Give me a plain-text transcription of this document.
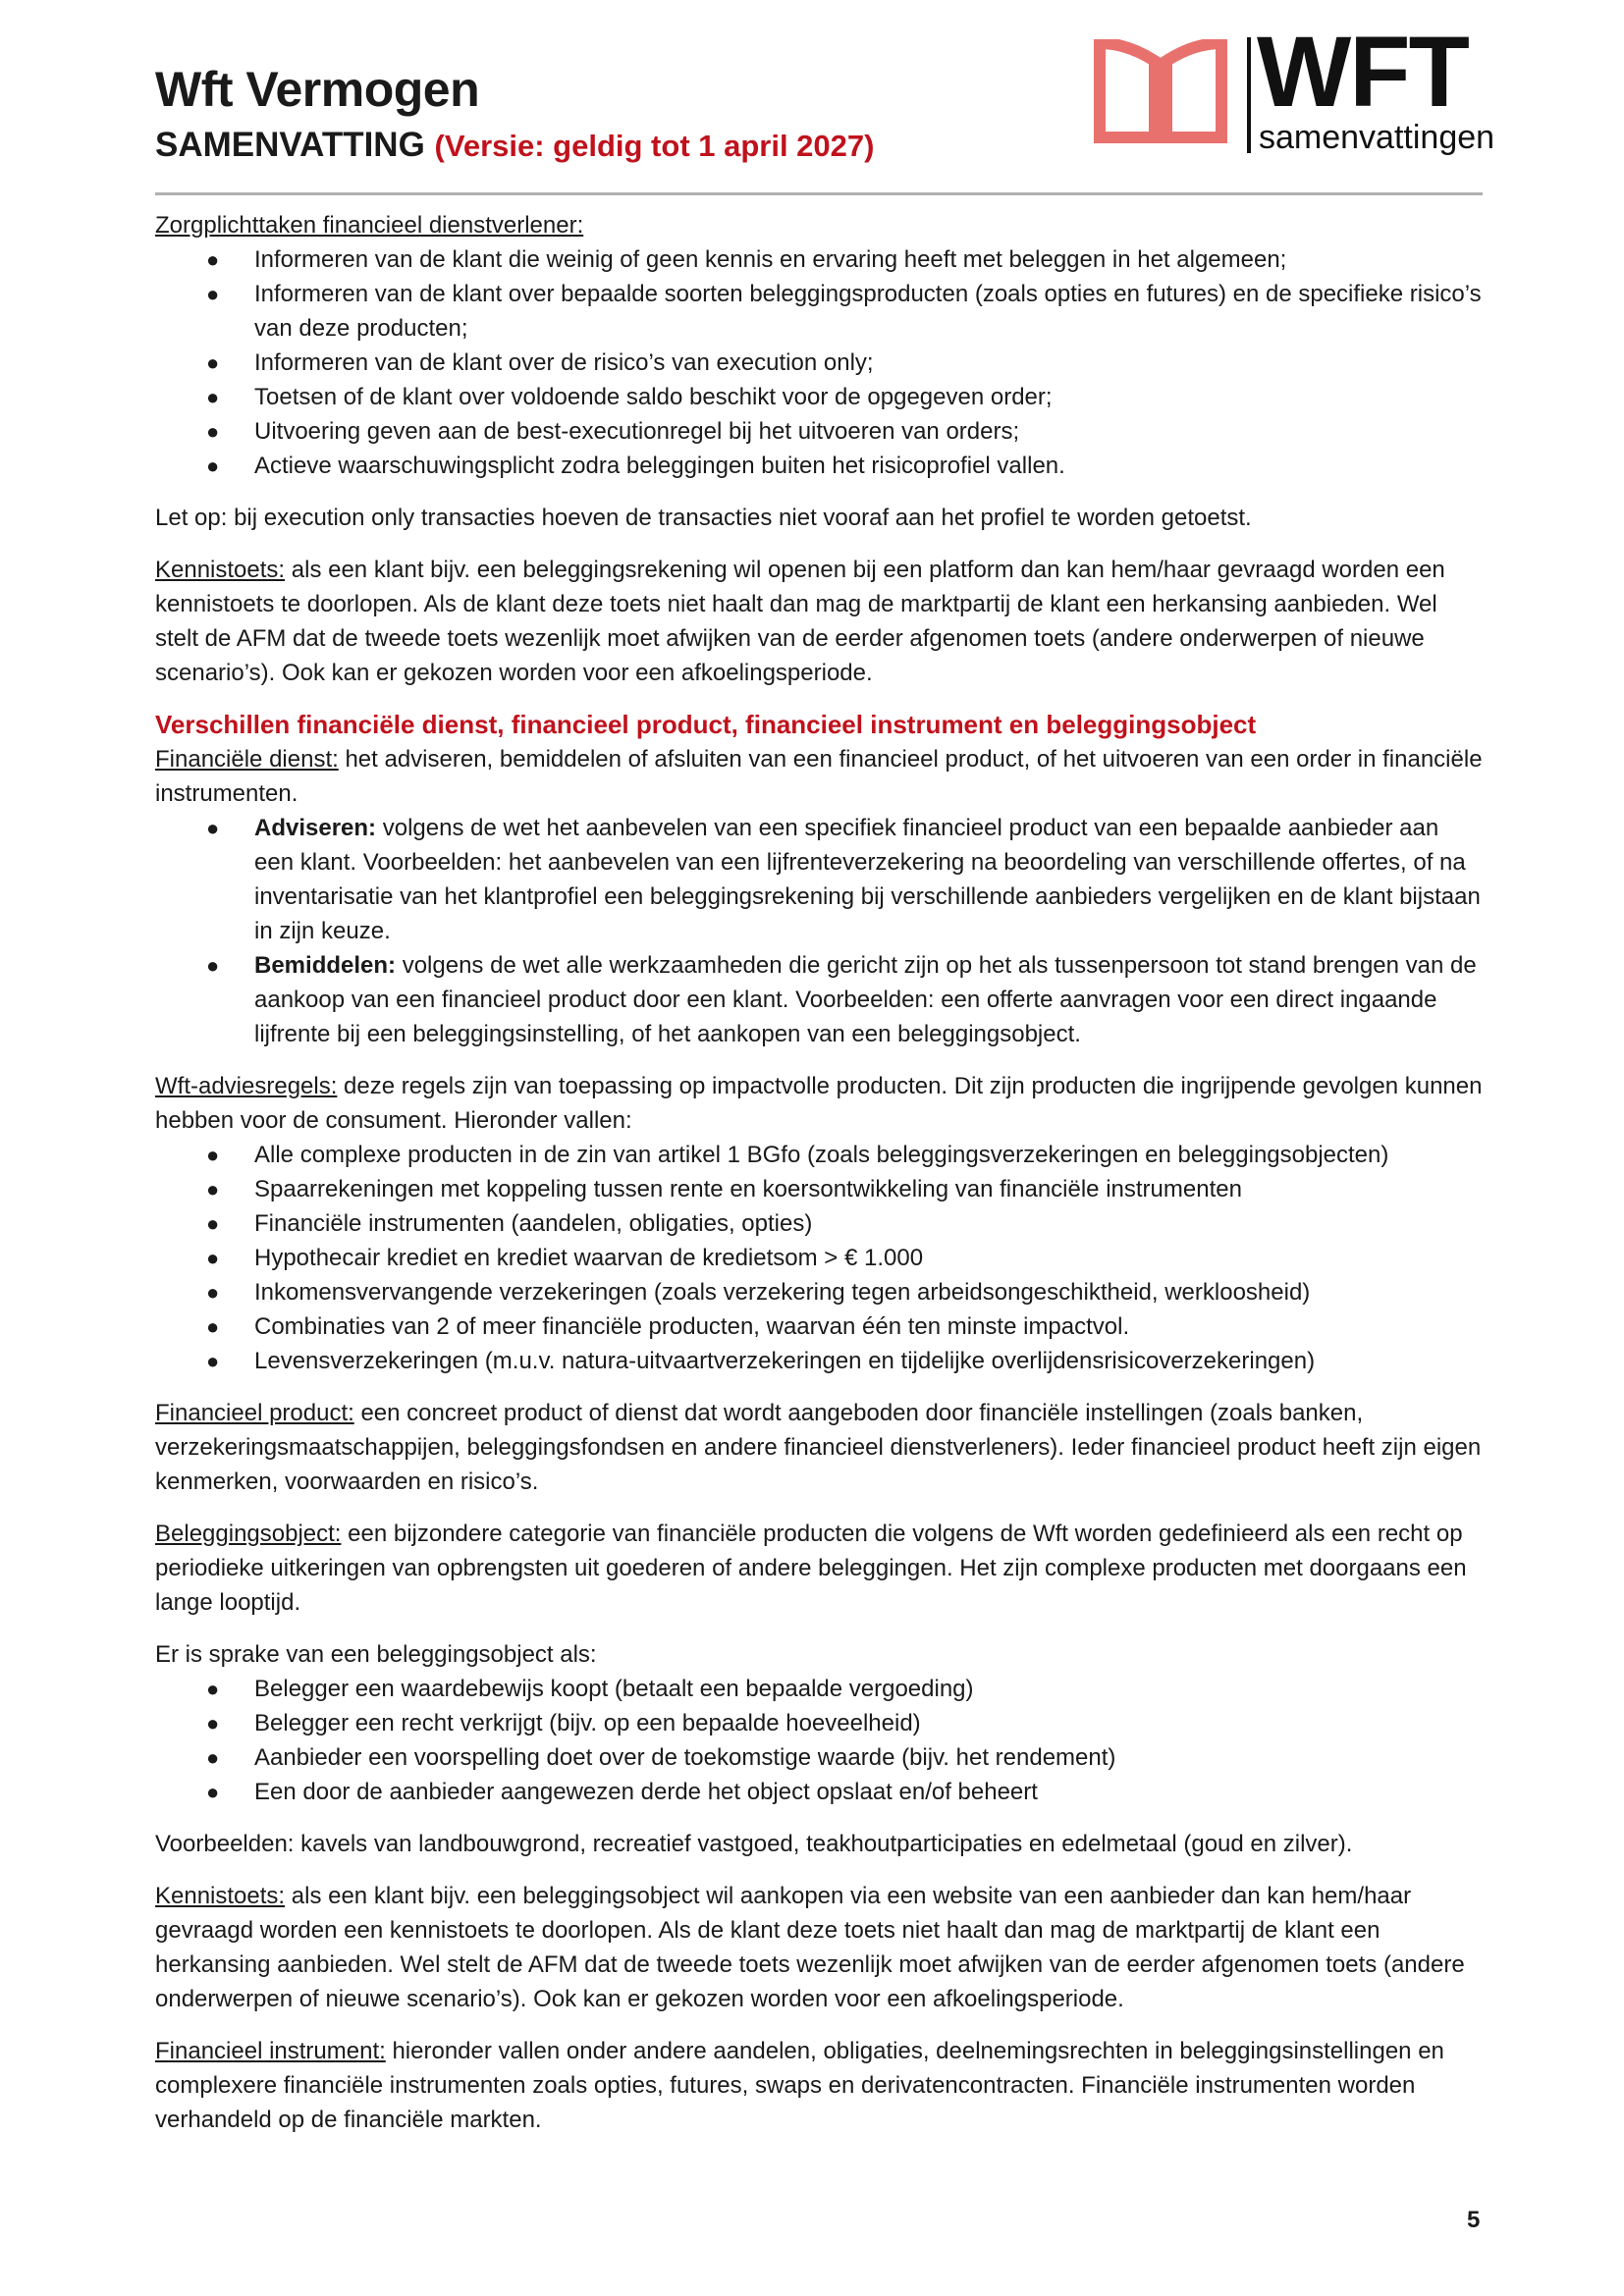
Wft Vermogen
SAMENVATTING (Versie: geldig tot 1 april 2027)
WFT
samenvattingen

Zorgplichttaken financieel dienstverlener:

● Informeren van de klant die weinig of geen kennis en ervaring heeft met beleggen in het algemeen;
● Informeren van de klant over bepaalde soorten beleggingsproducten (zoals opties en futures) en de specifieke risico’s van deze producten;
● Informeren van de klant over de risico’s van execution only;
● Toetsen of de klant over voldoende saldo beschikt voor de opgegeven order;
● Uitvoering geven aan de best-executionregel bij het uitvoeren van orders;
● Actieve waarschuwingsplicht zodra beleggingen buiten het risicoprofiel vallen.

Let op: bij execution only transacties hoeven de transacties niet vooraf aan het profiel te worden getoetst.

Kennistoets: als een klant bijv. een beleggingsrekening wil openen bij een platform dan kan hem/haar gevraagd worden een kennistoets te doorlopen. Als de klant deze toets niet haalt dan mag de marktpartij de klant een herkansing aanbieden. Wel stelt de AFM dat de tweede toets wezenlijk moet afwijken van de eerder afgenomen toets (andere onderwerpen of nieuwe scenario’s). Ook kan er gekozen worden voor een afkoelingsperiode.

Verschillen financiële dienst, financieel product, financieel instrument en beleggingsobject

Financiële dienst: het adviseren, bemiddelen of afsluiten van een financieel product, of het uitvoeren van een order in financiële instrumenten.

● Adviseren: volgens de wet het aanbevelen van een specifiek financieel product van een bepaalde aanbieder aan een klant. Voorbeelden: het aanbevelen van een lijfrenteverzekering na beoordeling van verschillende offertes, of na inventarisatie van het klantprofiel een beleggingsrekening bij verschillende aanbieders vergelijken en de klant bijstaan in zijn keuze.
● Bemiddelen: volgens de wet alle werkzaamheden die gericht zijn op het als tussenpersoon tot stand brengen van de aankoop van een financieel product door een klant. Voorbeelden: een offerte aanvragen voor een direct ingaande lijfrente bij een beleggingsinstelling, of het aankopen van een beleggingsobject.

Wft-adviesregels: deze regels zijn van toepassing op impactvolle producten. Dit zijn producten die ingrijpende gevolgen kunnen hebben voor de consument. Hieronder vallen:

● Alle complexe producten in de zin van artikel 1 BGfo (zoals beleggingsverzekeringen en beleggingsobjecten)
● Spaarrekeningen met koppeling tussen rente en koersontwikkeling van financiële instrumenten
● Financiële instrumenten (aandelen, obligaties, opties)
● Hypothecair krediet en krediet waarvan de kredietsom > € 1.000
● Inkomensvervangende verzekeringen (zoals verzekering tegen arbeidsongeschiktheid, werkloosheid)
● Combinaties van 2 of meer financiële producten, waarvan één ten minste impactvol.
● Levensverzekeringen (m.u.v. natura-uitvaartverzekeringen en tijdelijke overlijdensrisicoverzekeringen)

Financieel product: een concreet product of dienst dat wordt aangeboden door financiële instellingen (zoals banken, verzekeringsmaatschappijen, beleggingsfondsen en andere financieel dienstverleners). Ieder financieel product heeft zijn eigen kenmerken, voorwaarden en risico’s.

Beleggingsobject: een bijzondere categorie van financiële producten die volgens de Wft worden gedefinieerd als een recht op periodieke uitkeringen van opbrengsten uit goederen of andere beleggingen. Het zijn complexe producten met doorgaans een lange looptijd.

Er is sprake van een beleggingsobject als:

● Belegger een waardebewijs koopt (betaalt een bepaalde vergoeding)
● Belegger een recht verkrijgt (bijv. op een bepaalde hoeveelheid)
● Aanbieder een voorspelling doet over de toekomstige waarde (bijv. het rendement)
● Een door de aanbieder aangewezen derde het object opslaat en/of beheert

Voorbeelden: kavels van landbouwgrond, recreatief vastgoed, teakhoutparticipaties en edelmetaal (goud en zilver).

Kennistoets: als een klant bijv. een beleggingsobject wil aankopen via een website van een aanbieder dan kan hem/haar gevraagd worden een kennistoets te doorlopen. Als de klant deze toets niet haalt dan mag de marktpartij de klant een herkansing aanbieden. Wel stelt de AFM dat de tweede toets wezenlijk moet afwijken van de eerder afgenomen toets (andere onderwerpen of nieuwe scenario’s). Ook kan er gekozen worden voor een afkoelingsperiode.

Financieel instrument: hieronder vallen onder andere aandelen, obligaties, deelnemingsrechten in beleggingsinstellingen en complexere financiële instrumenten zoals opties, futures, swaps en derivatencontracten. Financiële instrumenten worden verhandeld op de financiële markten.

5
